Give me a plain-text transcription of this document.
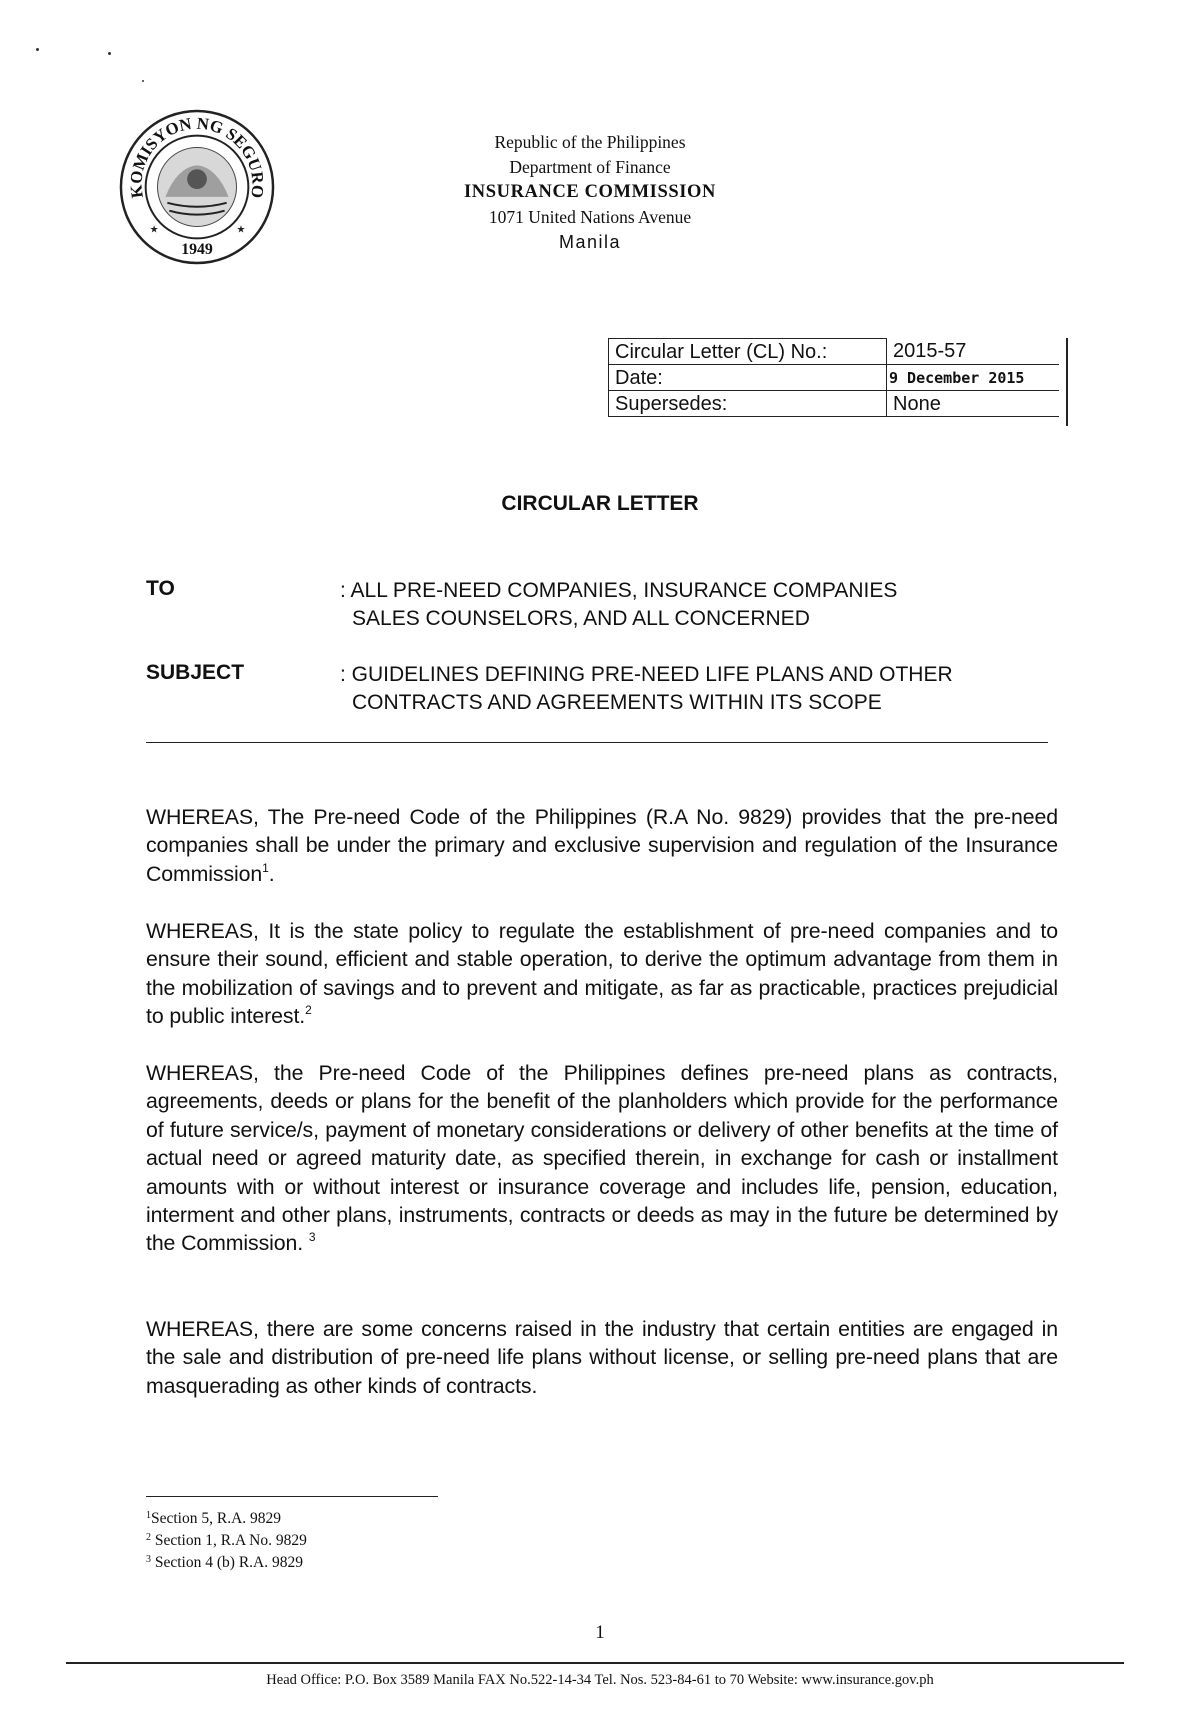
KOMISYON NG SEGURO
1949
★	★
Republic of the Philippines
Department of Finance
INSURANCE COMMISSION
1071 United Nations Avenue
Manila
Circular Letter (CL) No.:	2015-57
Date:	9 December 2015
Supersedes:	None
CIRCULAR LETTER
TO	: ALL PRE-NEED COMPANIES, INSURANCE COMPANIES
SALES COUNSELORS, AND ALL CONCERNED
SUBJECT	: GUIDELINES DEFINING PRE-NEED LIFE PLANS AND OTHER
CONTRACTS AND AGREEMENTS WITHIN ITS SCOPE
WHEREAS, The Pre-need Code of the Philippines (R.A No. 9829) provides that the pre-need companies shall be under the primary and exclusive supervision and regulation of the Insurance Commission$^1$.
WHEREAS, It is the state policy to regulate the establishment of pre-need companies and to ensure their sound, efficient and stable operation, to derive the optimum advantage from them in the mobilization of savings and to prevent and mitigate, as far as practicable, practices prejudicial to public interest.$^2$
WHEREAS, the Pre-need Code of the Philippines defines pre-need plans as contracts, agreements, deeds or plans for the benefit of the planholders which provide for the performance of future service/s, payment of monetary considerations or delivery of other benefits at the time of actual need or agreed maturity date, as specified therein, in exchange for cash or installment amounts with or without interest or insurance coverage and includes life, pension, education, interment and other plans, instruments, contracts or deeds as may in the future be determined by the Commission. $^3$
WHEREAS, there are some concerns raised in the industry that certain entities are engaged in the sale and distribution of pre-need life plans without license, or selling pre-need plans that are masquerading as other kinds of contracts.
$^1$Section 5, R.A. 9829
$^2$ Section 1, R.A No. 9829
$^3$ Section 4 (b) R.A. 9829
1
Head Office: P.O. Box 3589 Manila FAX No.522-14-34 Tel. Nos. 523-84-61 to 70 Website: www.insurance.gov.ph
